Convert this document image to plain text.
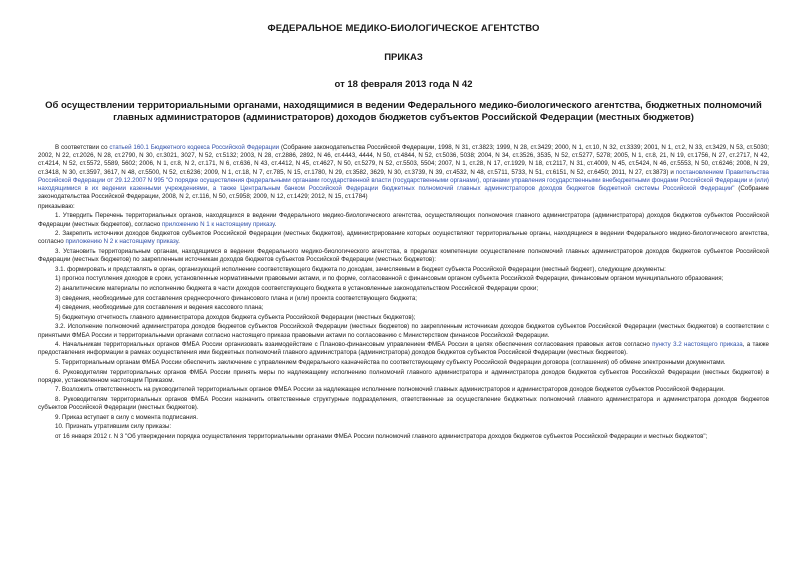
ФЕДЕРАЛЬНОЕ МЕДИКО-БИОЛОГИЧЕСКОЕ АГЕНТСТВО
ПРИКАЗ
от 18 февраля 2013 года N 42
Об осуществлении территориальными органами, находящимися в ведении Федерального медико-биологического агентства, бюджетных полномочий главных администраторов (администраторов) доходов бюджетов субъектов Российской Федерации (местных бюджетов)

В соответствии со статьей 160.1 Бюджетного кодекса Российской Федерации (Собрание законодательства Российской Федерации, 1998, N 31, ст.3823; 1999, N 28, ст.3429; 2000, N 1, ст.10, N 32, ст.3339; 2001, N 1, ст.2, N 33, ст.3429, N 53, ст.5030; 2002, N 22, ст.2026, N 28, ст.2790, N 30, ст.3021, 3027, N 52, ст.5132; 2003, N 28, ст.2886, 2892, N 46, ст.4443, 4444, N 50, ст.4844, N 52, ст.5036, 5038; 2004, N 34, ст.3526, 3535, N 52, ст.5277, 5278; 2005, N 1, ст.8, 21, N 19, ст.1756, N 27, ст.2717, N 42, ст.4214, N 52, ст.5572, 5589, 5602; 2006, N 1, ст.8, N 2, ст.171, N 6, ст.636, N 43, ст.4412, N 45, ст.4627, N 50, ст.5279, N 52, ст.5503, 5504; 2007, N 1, ст.28, N 17, ст.1929, N 18, ст.2117, N 31, ст.4009, N 45, ст.5424, N 46, ст.5553, N 50, ст.6246; 2008, N 29, ст.3418, N 30, ст.3597, 3617, N 48, ст.5500, N 52, ст.6236; 2009, N 1, ст.18, N 7, ст.785, N 15, ст.1780, N 29, ст.3582, 3629, N 30, ст.3739, N 39, ст.4532, N 48, ст.5711, 5733, N 51, ст.6151, N 52, ст.6450; 2011, N 27, ст.3873) и постановлением Правительства Российской Федерации от 29.12.2007 N 995 "О порядке осуществления федеральными органами государственной власти (государственными органами), органами управления государственными внебюджетными фондами Российской Федерации и (или) находящимися в их ведении казенными учреждениями, а также Центральным банком Российской Федерации бюджетных полномочий главных администраторов доходов бюджетов бюджетной системы Российской Федерации" (Собрание законодательства Российской Федерации, 2008, N 2, ст.116, N 50, ст.5958; 2009, N 12, ст.1429; 2012, N 15, ст.1784)

приказываю:

1. Утвердить Перечень территориальных органов, находящихся в ведении Федерального медико-биологического агентства, осуществляющих полномочия главного администратора (администратора) доходов бюджетов субъектов Российской Федерации (местных бюджетов), согласно приложению N 1 к настоящему приказу.

2. Закрепить источники доходов бюджетов субъектов Российской Федерации (местных бюджетов), администрирование которых осуществляют территориальные органы, находящиеся в ведении Федерального медико-биологического агентства, согласно приложению N 2 к настоящему приказу.

3. Установить территориальным органам, находящимся в ведении Федерального медико-биологического агентства, в пределах компетенции осуществление полномочий главных администраторов доходов бюджетов субъектов Российской Федерации (местных бюджетов) по закрепленным источникам доходов бюджетов субъектов Российской Федерации (местных бюджетов):

3.1. формировать и представлять в орган, организующий исполнение соответствующего бюджета по доходам, зачисляемым в бюджет субъекта Российской Федерации (местный бюджет), следующие документы:

1) прогноз поступления доходов в сроки, установленные нормативными правовыми актами, и по форме, согласованной с финансовым органом субъекта Российской Федерации, финансовым органом муниципального образования;

2) аналитические материалы по исполнению бюджета в части доходов соответствующего бюджета в установленные законодательством Российской Федерации сроки;

3) сведения, необходимые для составления среднесрочного финансового плана и (или) проекта соответствующего бюджета;

4) сведения, необходимые для составления и ведения кассового плана;

5) бюджетную отчетность главного администратора доходов бюджета субъекта Российской Федерации (местных бюджетов);

3.2. Исполнение полномочий администратора доходов бюджетов субъектов Российской Федерации (местных бюджетов) по закрепленным источникам доходов бюджетов субъектов Российской Федерации (местных бюджетов) в соответствии с принятыми ФМБА России и территориальными органами согласно настоящего приказа правовыми актами по согласованию с Министерством финансов Российской Федерации.

4. Начальникам территориальных органов ФМБА России организовать взаимодействие с Планово-финансовым управлением ФМБА России в целях обеспечения согласования правовых актов согласно пункту 3.2 настоящего приказа, а также предоставления информации в рамках осуществления ими бюджетных полномочий главного администратора (администратора) доходов бюджетов субъектов Российской Федерации (местных бюджетов).

5. Территориальным органам ФМБА России обеспечить заключение с управлением Федерального казначейства по соответствующему субъекту Российской Федерации договора (соглашения) об обмене электронными документами.

6. Руководителям территориальных органов ФМБА России принять меры по надлежащему исполнению полномочий главного администратора и администратора доходов бюджетов субъектов Российской Федерации (местных бюджетов) в порядке, установленном настоящим Приказом.

7. Возложить ответственность на руководителей территориальных органов ФМБА России за надлежащее исполнение полномочий главных администраторов и администраторов доходов бюджетов субъектов Российской Федерации.

8. Руководителям территориальных органов ФМБА России назначить ответственные структурные подразделения, ответственные за осуществление бюджетных полномочий главного администратора и администратора доходов бюджетов субъектов Российской Федерации (местных бюджетов).

9. Приказ вступает в силу с момента подписания.

10. Признать утратившим силу приказы:

от 16 января 2012 г. N 3 "Об утверждении порядка осуществления территориальными органами ФМБА России полномочий главного администратора доходов бюджетов субъектов Российской Федерации и местных бюджетов";
